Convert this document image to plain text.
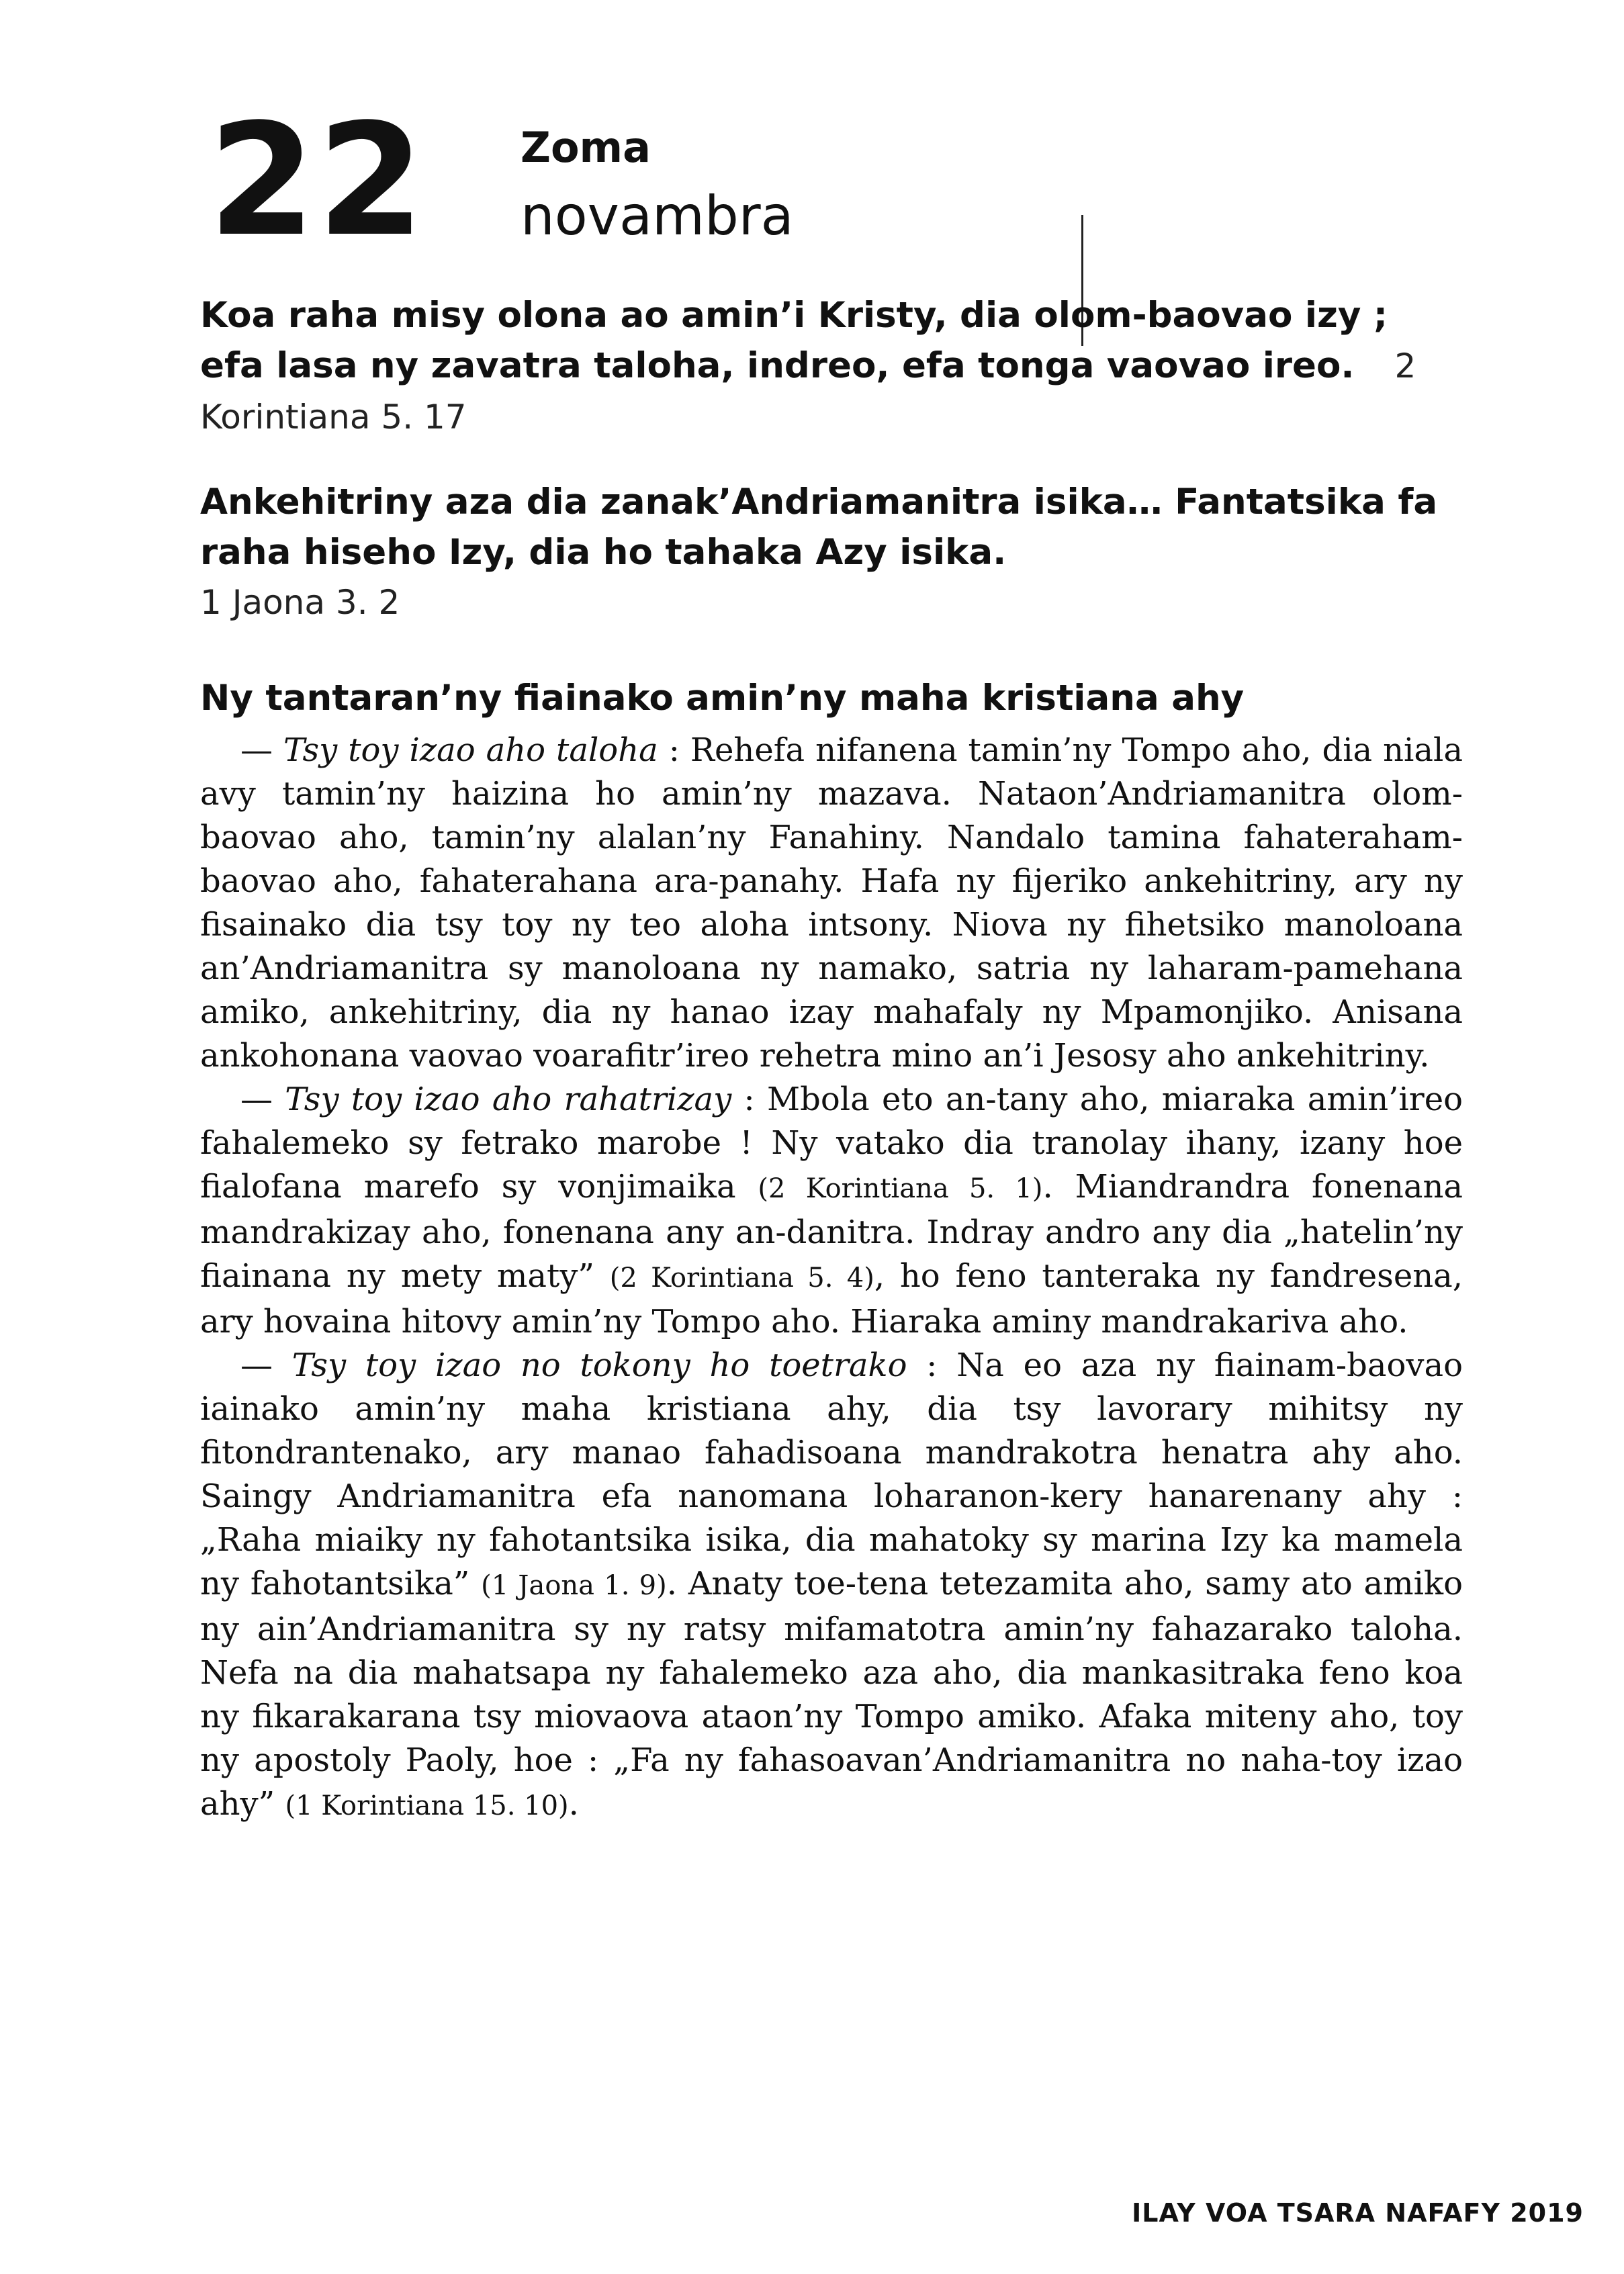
22 Zoma
novambra
Koa raha misy olona ao amin’i Kristy, dia olom-baovao izy ; efa lasa ny zavatra taloha, indreo, efa tonga vaovao ireo. 2 Korintiana 5. 17
Ankehitriny aza dia zanak’Andriamanitra isika… Fantatsika fa raha hiseho Izy, dia ho tahaka Azy isika.
1 Jaona 3. 2
Ny tantaran’ny fiainako amin’ny maha kristiana ahy

— Tsy toy izao aho taloha : Rehefa nifanena tamin’ny Tompo aho, dia niala avy tamin’ny haizina ho amin’ny mazava. Nataon’Andriamanitra olom-baovao aho, tamin’ny alalan’ny Fanahiny. Nandalo tamina fahateraham-baovao aho, fahaterahana ara-panahy. Hafa ny fijeriko ankehitriny, ary ny fisainako dia tsy toy ny teo aloha intsony. Niova ny fihetsiko manoloana an’Andriamanitra sy manoloana ny namako, satria ny laharam-pamehana amiko, ankehitriny, dia ny hanao izay mahafaly ny Mpamonjiko. Anisana ankohonana vaovao voarafitr’ireo rehetra mino an’i Jesosy aho ankehitriny.

— Tsy toy izao aho rahatrizay : Mbola eto an-tany aho, miaraka amin’ireo fahalemeko sy fetrako marobe ! Ny vatako dia tranolay ihany, izany hoe fialofana marefo sy vonjimaika (2 Korintiana 5. 1). Miandrandra fonenana mandrakizay aho, fonenana any an-danitra. Indray andro any dia „hatelin’ny fiainana ny mety maty” (2 Korintiana 5. 4), ho feno tanteraka ny fandresena, ary hovaina hitovy amin’ny Tompo aho. Hiaraka aminy mandrakariva aho.

— Tsy toy izao no tokony ho toetrako : Na eo aza ny fiainam-baovao iainako amin’ny maha kristiana ahy, dia tsy lavorary mihitsy ny fitondrantenako, ary manao fahadisoana mandrakotra henatra ahy aho. Saingy Andriamanitra efa nanomana loharanon-kery hanarenany ahy : „Raha miaiky ny fahotantsika isika, dia mahatoky sy marina Izy ka mamela ny fahotantsika” (1 Jaona 1. 9). Anaty toe-tena tetezamita aho, samy ato amiko ny ain’Andriamanitra sy ny ratsy mifamatotra amin’ny fahazarako taloha. Nefa na dia mahatsapa ny fahalemeko aza aho, dia mankasitraka feno koa ny fikarakarana tsy miovaova ataon’ny Tompo amiko. Afaka miteny aho, toy ny apostoly Paoly, hoe : „Fa ny fahasoavan’Andriamanitra no naha-toy izao ahy” (1 Korintiana 15. 10).

ILAY VOA TSARA NAFAFY 2019
